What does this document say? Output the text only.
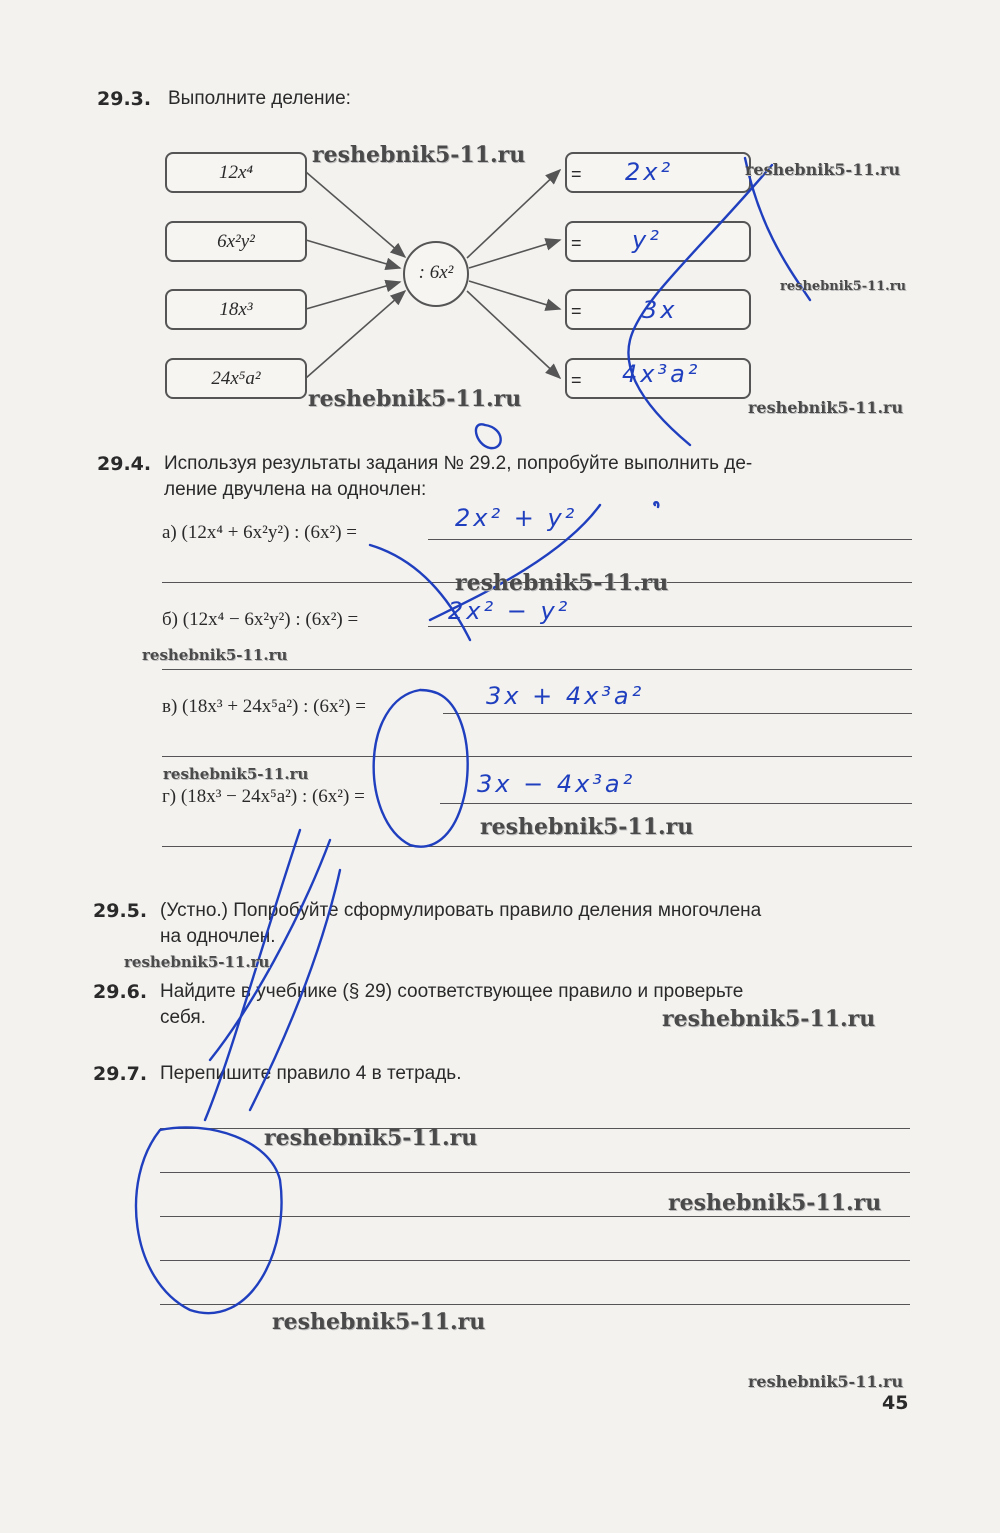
29.3. Выполните деление:
: 6x²
12x⁴
6x²y²
18x³
24x⁵a²
=
=
=
=
2x²
y²
3x
4x³a²
29.4. Используя результаты задания № 29.2, попробуйте выполнить де-
ление двучлена на одночлен:
а) (12x⁴ + 6x²y²) : (6x²) =
2x² + y²
б) (12x⁴ − 6x²y²) : (6x²) =	2x² − y²
в) (18x³ + 24x⁵a²) : (6x²) =	3x + 4x³a²
г) (18x³ − 24x⁵a²) : (6x²) =	3x − 4x³a²
29.5. (Устно.) Попробуйте сформулировать правило деления многочлена
на одночлен.
29.6. Найдите в учебнике (§ 29) соответствующее правило и проверьте
себя.
29.7. Перепишите правило 4 в тетрадь.
reshebnik5-11.ru
reshebnik5-11.ru
reshebnik5-11.ru
reshebnik5-11.ru	reshebnik5-11.ru
reshebnik5-11.ru
reshebnik5-11.ru
reshebnik5-11.ru
reshebnik5-11.ru
reshebnik5-11.ru
reshebnik5-11.ru
reshebnik5-11.ru
reshebnik5-11.ru
reshebnik5-11.ru
reshebnik5-11.ru
45
